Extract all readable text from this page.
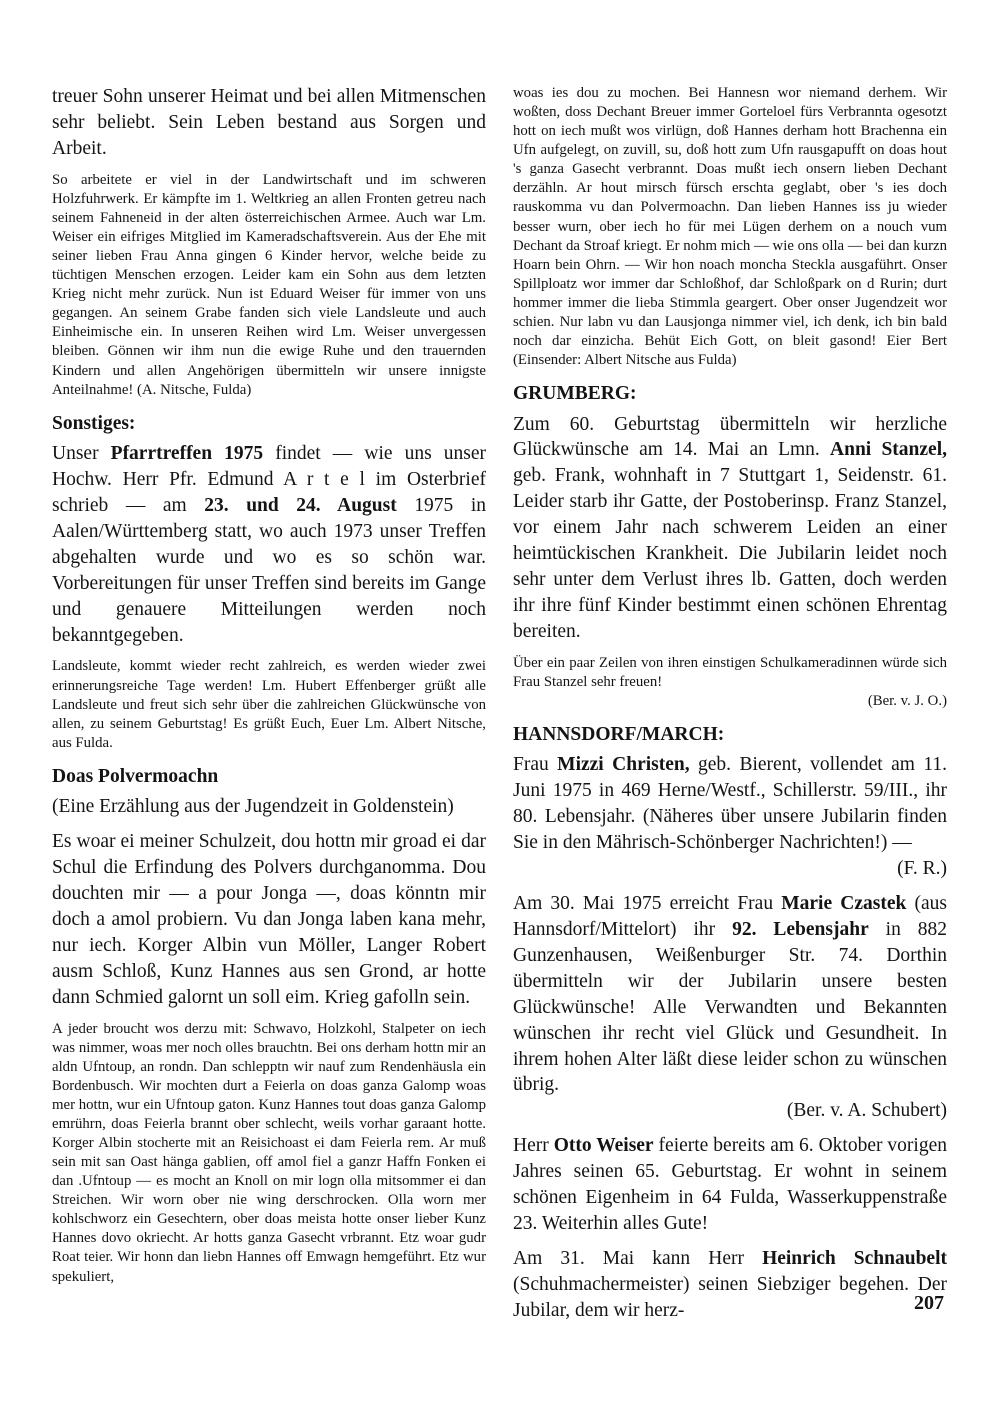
treuer Sohn unserer Heimat und bei allen Mitmenschen sehr beliebt. Sein Leben bestand aus Sorgen und Arbeit.

So arbeitete er viel in der Landwirtschaft und im schweren Holzfuhrwerk. Er kämpfte im 1. Weltkrieg an allen Fronten getreu nach seinem Fahneneid in der alten österreichischen Armee. Auch war Lm. Weiser ein eifriges Mitglied im Kameradschaftsverein. Aus der Ehe mit seiner lieben Frau Anna gingen 6 Kinder hervor, welche beide zu tüchtigen Menschen erzogen. Leider kam ein Sohn aus dem letzten Krieg nicht mehr zurück. Nun ist Eduard Weiser für immer von uns gegangen. An seinem Grabe fanden sich viele Landsleute und auch Einheimische ein. In unseren Reihen wird Lm. Weiser unvergessen bleiben. Gönnen wir ihm nun die ewige Ruhe und den trauernden Kindern und allen Angehörigen übermitteln wir unsere innigste Anteilnahme! (A. Nitsche, Fulda)

Sonstiges:

Unser Pfarrtreffen 1975 findet — wie uns unser Hochw. Herr Pfr. Edmund A r t e l im Osterbrief schrieb — am 23. und 24. August 1975 in Aalen/Württemberg statt, wo auch 1973 unser Treffen abgehalten wurde und wo es so schön war. Vorbereitungen für unser Treffen sind bereits im Gange und genauere Mitteilungen werden noch bekanntgegeben.

Landsleute, kommt wieder recht zahlreich, es werden wieder zwei erinnerungsreiche Tage werden! Lm. Hubert Effenberger grüßt alle Landsleute und freut sich sehr über die zahlreichen Glückwünsche von allen, zu seinem Geburtstag! Es grüßt Euch, Euer Lm. Albert Nitsche, aus Fulda.

Doas Polvermoachn

(Eine Erzählung aus der Jugendzeit in Goldenstein)

Es woar ei meiner Schulzeit, dou hottn mir groad ei dar Schul die Erfindung des Polvers durchganomma. Dou douchten mir — a pour Jonga —, doas könntn mir doch a amol probiern. Vu dan Jonga laben kana mehr, nur iech. Korger Albin vun Möller, Langer Robert ausm Schloß, Kunz Hannes aus sen Grond, ar hotte dann Schmied galornt un soll eim. Krieg gafolln sein.

A jeder broucht wos derzu mit: Schwavo, Holzkohl, Stalpeter on iech was nimmer, woas mer noch olles brauchtn. Bei ons derham hottn mir an aldn Ufntoup, an rondn. Dan schlepptn wir nauf zum Rendenhäusla ein Bordenbusch. Wir mochten durt a Feierla on doas ganza Galomp woas mer hottn, wur ein Ufntoup gaton. Kunz Hannes tout doas ganza Galomp emrührn, doas Feierla brannt ober schlecht, weils vorhar garaant hotte. Korger Albin stocherte mit an Reisichoast ei dam Feierla rem. Ar muß sein mit san Oast hänga gablien, off amol fiel a ganzr Haffn Fonken ei dan .Ufntoup — es mocht an Knoll on mir logn olla mitsommer ei dan Streichen. Wir worn ober nie wing derschrocken. Olla worn mer kohlschworz ein Gesechtern, ober doas meista hotte onser lieber Kunz Hannes dovo okriecht. Ar hotts ganza Gasecht vrbrannt. Etz woar gudr Roat teier. Wir honn dan liebn Hannes off Emwagn hemgeführt. Etz wur spekuliert,

woas ies dou zu mochen. Bei Hannesn wor niemand derhem. Wir woßten, doss Dechant Breuer immer Gorteloel fürs Verbrannta ogesotzt hott on iech mußt wos virlügn, doß Hannes derham hott Brachenna ein Ufn aufgelegt, on zuvill, su, doß hott zum Ufn rausgapufft on doas hout 's ganza Gasecht verbrannt. Doas mußt iech onsern lieben Dechant derzähln. Ar hout mirsch fürsch erschta geglabt, ober 's ies doch rauskomma vu dan Polvermoachn. Dan lieben Hannes iss ju wieder besser wurn, ober iech ho für mei Lügen derhem on a nouch vum Dechant da Stroaf kriegt. Er nohm mich — wie ons olla — bei dan kurzn Hoarn bein Ohrn. — Wir hon noach moncha Steckla ausgaführt. Onser Spillploatz wor immer dar Schloßhof, dar Schloßpark on d Rurin; durt hommer immer die lieba Stimmla geargert. Ober onser Jugendzeit wor schien. Nur labn vu dan Lausjonga nimmer viel, ich denk, ich bin bald noch dar einzicha. Behüt Eich Gott, on bleit gasond! Eier Bert (Einsender: Albert Nitsche aus Fulda)

GRUMBERG:

Zum 60. Geburtstag übermitteln wir herzliche Glückwünsche am 14. Mai an Lmn. Anni Stanzel, geb. Frank, wohnhaft in 7 Stuttgart 1, Seidenstr. 61. Leider starb ihr Gatte, der Postoberinsp. Franz Stanzel, vor einem Jahr nach schwerem Leiden an einer heimtückischen Krankheit. Die Jubilarin leidet noch sehr unter dem Verlust ihres lb. Gatten, doch werden ihr ihre fünf Kinder bestimmt einen schönen Ehrentag bereiten.

Über ein paar Zeilen von ihren einstigen Schulkameradinnen würde sich Frau Stanzel sehr freuen!
(Ber. v. J. O.)

HANNSDORF/MARCH:

Frau Mizzi Christen, geb. Bierent, vollendet am 11. Juni 1975 in 469 Herne/Westf., Schillerstr. 59/III., ihr 80. Lebensjahr. (Näheres über unsere Jubilarin finden Sie in den Mährisch-Schönberger Nachrichten!) —
(F. R.)

Am 30. Mai 1975 erreicht Frau Marie Czastek (aus Hannsdorf/Mittelort) ihr 92. Lebensjahr in 882 Gunzenhausen, Weißenburger Str. 74. Dorthin übermitteln wir der Jubilarin unsere besten Glückwünsche! Alle Verwandten und Bekannten wünschen ihr recht viel Glück und Gesundheit. In ihrem hohen Alter läßt diese leider schon zu wünschen übrig.
(Ber. v. A. Schubert)

Herr Otto Weiser feierte bereits am 6. Oktober vorigen Jahres seinen 65. Geburtstag. Er wohnt in seinem schönen Eigenheim in 64 Fulda, Wasserkuppenstraße 23. Weiterhin alles Gute!

Am 31. Mai kann Herr Heinrich Schnaubelt (Schuhmachermeister) seinen Siebziger begehen. Der Jubilar, dem wir herz-	207
